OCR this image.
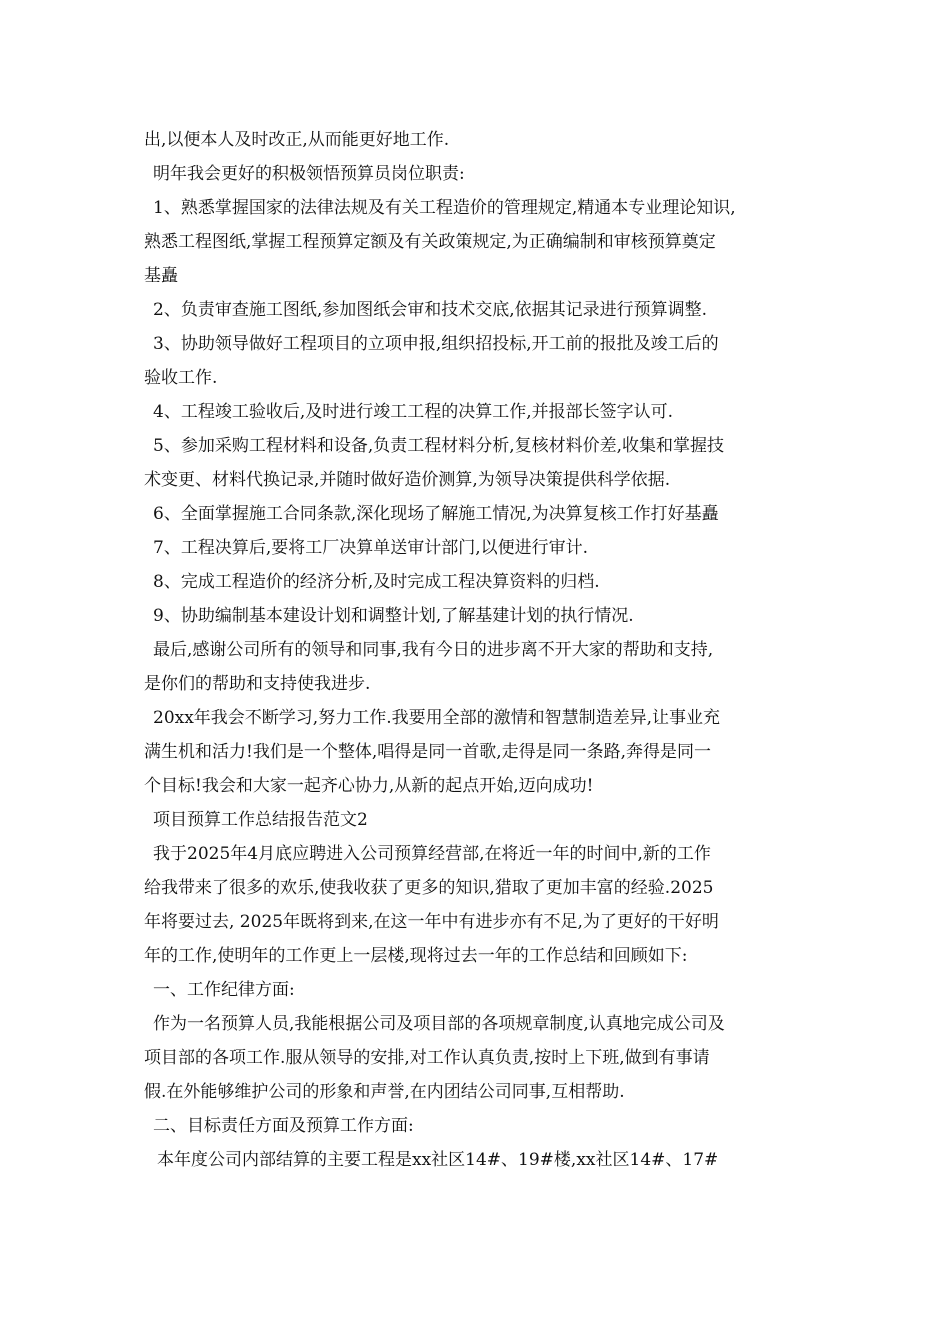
出,以便本人及时改正,从而能更好地工作.
明年我会更好的积极领悟预算员岗位职责:
1、熟悉掌握国家的法律法规及有关工程造价的管理规定,精通本专业理论知识,
熟悉工程图纸,掌握工程预算定额及有关政策规定,为正确编制和审核预算奠定
基矗
2、负责审查施工图纸,参加图纸会审和技术交底,依据其记录进行预算调整.
3、协助领导做好工程项目的立项申报,组织招投标,开工前的报批及竣工后的
验收工作.
4、工程竣工验收后,及时进行竣工工程的决算工作,并报部长签字认可.
5、参加采购工程材料和设备,负责工程材料分析,复核材料价差,收集和掌握技
术变更、材料代换记录,并随时做好造价测算,为领导决策提供科学依据.
6、全面掌握施工合同条款,深化现场了解施工情况,为决算复核工作打好基矗
7、工程决算后,要将工厂决算单送审计部门,以便进行审计.
8、完成工程造价的经济分析,及时完成工程决算资料的归档.
9、协助编制基本建设计划和调整计划,了解基建计划的执行情况.
最后,感谢公司所有的领导和同事,我有今日的进步离不开大家的帮助和支持,
是你们的帮助和支持使我进步.
20xx年我会不断学习,努力工作.我要用全部的激情和智慧制造差异,让事业充
满生机和活力!我们是一个整体,唱得是同一首歌,走得是同一条路,奔得是同一
个目标!我会和大家一起齐心协力,从新的起点开始,迈向成功!
项目预算工作总结报告范文2
我于2025年4月底应聘进入公司预算经营部,在将近一年的时间中,新的工作
给我带来了很多的欢乐,使我收获了更多的知识,猎取了更加丰富的经验.2025
年将要过去, 2025年既将到来,在这一年中有进步亦有不足,为了更好的干好明
年的工作,使明年的工作更上一层楼,现将过去一年的工作总结和回顾如下:
一、工作纪律方面:
作为一名预算人员,我能根据公司及项目部的各项规章制度,认真地完成公司及
项目部的各项工作.服从领导的安排,对工作认真负责,按时上下班,做到有事请
假.在外能够维护公司的形象和声誉,在内团结公司同事,互相帮助.
二、目标责任方面及预算工作方面:
本年度公司内部结算的主要工程是xx社区14#、19#楼,xx社区14#、17#
